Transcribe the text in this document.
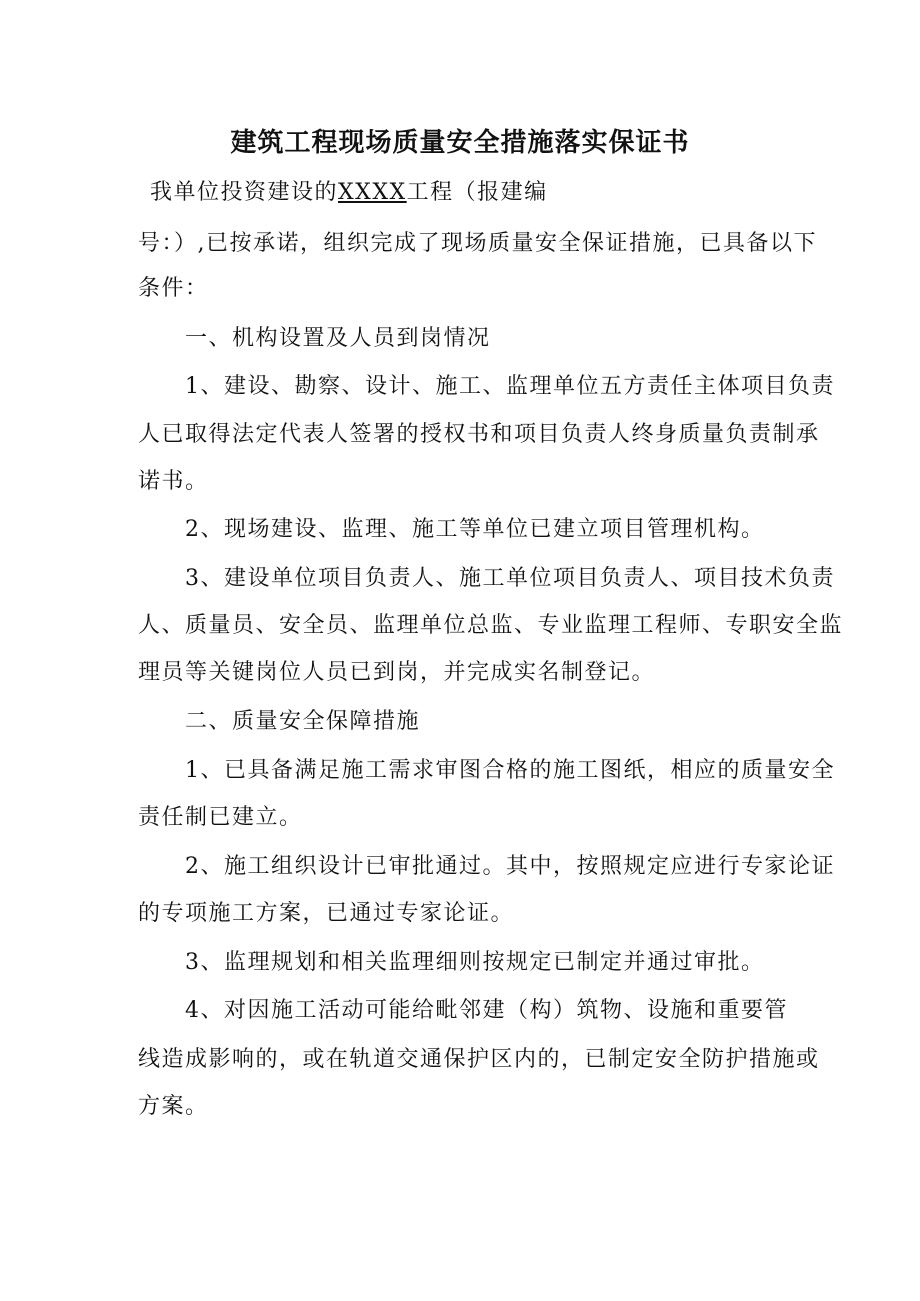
建筑工程现场质量安全措施落实保证书
我单位投资建设的XXXX工程（报建编
号：）,已按承诺，组织完成了现场质量安全保证措施，已具备以下
条件：
一、机构设置及人员到岗情况
1、建设、勘察、设计、施工、监理单位五方责任主体项目负责
人已取得法定代表人签署的授权书和项目负责人终身质量负责制承
诺书。
2、现场建设、监理、施工等单位已建立项目管理机构。
3、建设单位项目负责人、施工单位项目负责人、项目技术负责
人、质量员、安全员、监理单位总监、专业监理工程师、专职安全监
理员等关键岗位人员已到岗，并完成实名制登记。
二、质量安全保障措施
1、已具备满足施工需求审图合格的施工图纸，相应的质量安全
责任制已建立。
2、施工组织设计已审批通过。其中，按照规定应进行专家论证
的专项施工方案，已通过专家论证。
3、监理规划和相关监理细则按规定已制定并通过审批。
4、对因施工活动可能给毗邻建（构）筑物、设施和重要管
线造成影响的，或在轨道交通保护区内的，已制定安全防护措施或
方案。
